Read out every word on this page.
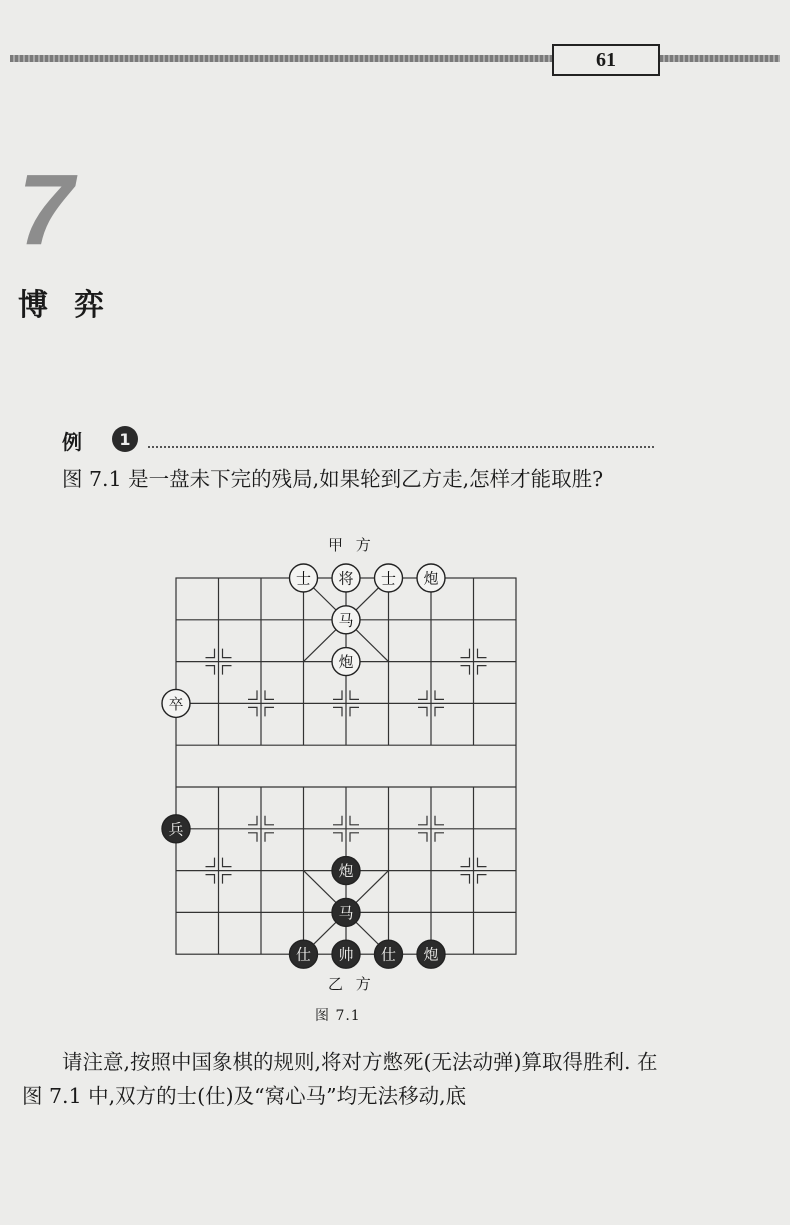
61
7
博弈
例	1
图 7.1 是一盘未下完的残局,如果轮到乙方走,怎样才能取胜?
甲 方
士 将 士 炮
马
炮
卒
兵
炮
马
仕 帅 仕 炮
乙 方
图 7.1
请注意,按照中国象棋的规则,将对方憋死(无法动弹)算取得胜利. 在图 7.1 中,双方的士(仕)及“窝心马”均无法移动,底
